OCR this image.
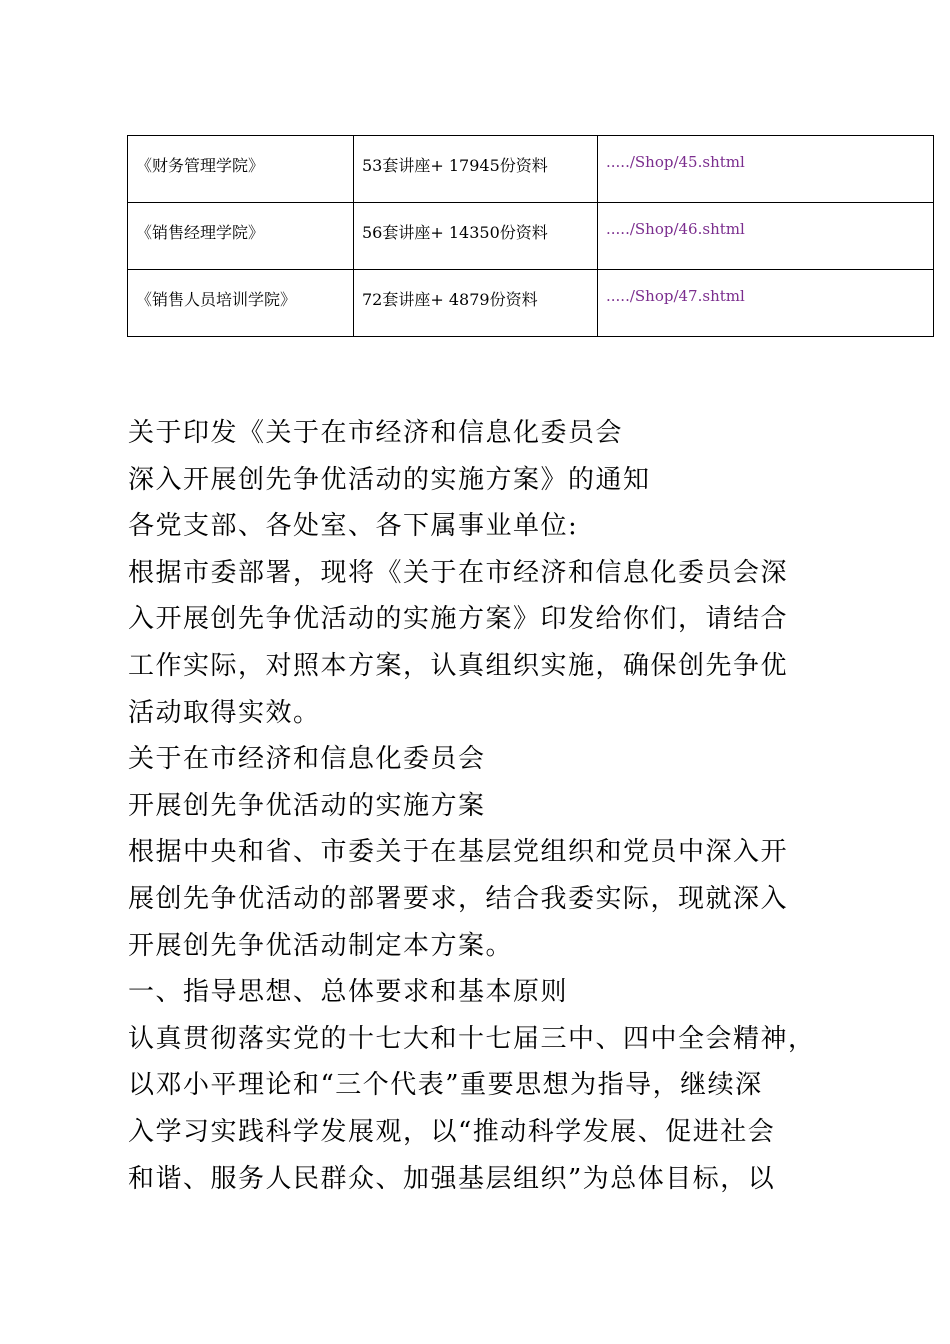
《财务管理学院》	53套讲座+ 17945份资料	...../Shop/45.shtml
《销售经理学院》	56套讲座+ 14350份资料	...../Shop/46.shtml
《销售人员培训学院》	72套讲座+ 4879份资料	...../Shop/47.shtml
关于印发《关于在市经济和信息化委员会
深入开展创先争优活动的实施方案》的通知
各党支部、各处室、各下属事业单位:
根据市委部署，现将《关于在市经济和信息化委员会深
入开展创先争优活动的实施方案》印发给你们，请结合
工作实际，对照本方案，认真组织实施，确保创先争优
活动取得实效。
关于在市经济和信息化委员会
开展创先争优活动的实施方案
根据中央和省、市委关于在基层党组织和党员中深入开
展创先争优活动的部署要求，结合我委实际，现就深入
开展创先争优活动制定本方案。
一、指导思想、总体要求和基本原则
认真贯彻落实党的十七大和十七届三中、四中全会精神，
以邓小平理论和“三个代表”重要思想为指导，继续深
入学习实践科学发展观，以“推动科学发展、促进社会
和谐、服务人民群众、加强基层组织”为总体目标，以
